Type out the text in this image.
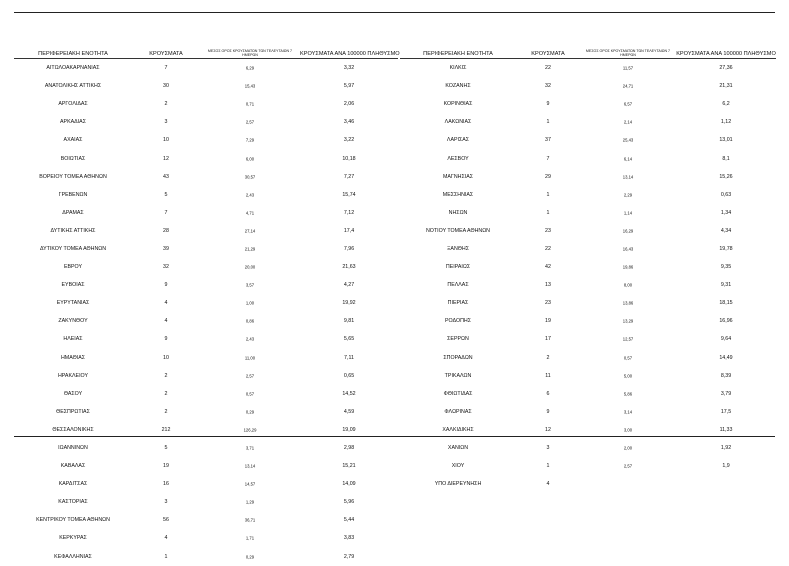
ΠΕΡΙΦΕΡΕΙΑΚΗ ΕΝΟΤΗΤΑ	ΚΡΟΥΣΜΑΤΑ	ΜΕΣΟΣ ΟΡΟΣ ΚΡΟΥΣΜΑΤΩΝ ΤΩΝ ΤΕΛΕΥΤΑΙΩΝ 7 ΗΜΕΡΩΝ	ΚΡΟΥΣΜΑΤΑ ΑΝΑ 100000 ΠΛΗΘΥΣΜΟ
ΑΙΤΩΛΟΑΚΑΡΝΑΝΙΑΣ	7	6,29	3,32
ΑΝΑΤΟΛΙΚΗΣ ΑΤΤΙΚΗΣ	30	15,43	5,97
ΑΡΓΟΛΙΔΑΣ	2	0,71	2,06
ΑΡΚΑΔΙΑΣ	3	2,57	3,46
ΑΧΑΙΑΣ	10	7,29	3,22
ΒΟΙΩΤΙΑΣ	12	6,00	10,18
ΒΟΡΕΙΟΥ ΤΟΜΕΑ ΑΘΗΝΩΝ	43	30,57	7,27
ΓΡΕΒΕΝΩΝ	5	2,43	15,74
ΔΡΑΜΑΣ	7	4,71	7,12
ΔΥΤΙΚΗΣ ΑΤΤΙΚΗΣ	28	27,14	17,4
ΔΥΤΙΚΟΥ ΤΟΜΕΑ ΑΘΗΝΩΝ	39	21,29	7,96
ΕΒΡΟΥ	32	20,00	21,63
ΕΥΒΟΙΑΣ	9	3,57	4,27
ΕΥΡΥΤΑΝΙΑΣ	4	1,00	19,92
ΖΑΚΥΝΘΟΥ	4	0,86	9,81
ΗΛΕΙΑΣ	9	2,43	5,65
ΗΜΑΘΙΑΣ	10	11,00	7,11
ΗΡΑΚΛΕΙΟΥ	2	2,57	0,65
ΘΑΣΟΥ	2	0,57	14,52
ΘΕΣΠΡΩΤΙΑΣ	2	0,29	4,59
ΘΕΣΣΑΛΟΝΙΚΗΣ	212	126,29	19,09
ΙΩΑΝΝΙΝΩΝ	5	3,71	2,98
ΚΑΒΑΛΑΣ	19	13,14	15,21
ΚΑΡΔΙΤΣΑΣ	16	14,57	14,09
ΚΑΣΤΟΡΙΑΣ	3	1,29	5,96
ΚΕΝΤΡΙΚΟΥ ΤΟΜΕΑ ΑΘΗΝΩΝ	56	36,71	5,44
ΚΕΡΚΥΡΑΣ	4	1,71	3,83
ΚΕΦΑΛΛΗΝΙΑΣ	1	0,29	2,79
ΠΕΡΙΦΕΡΕΙΑΚΗ ΕΝΟΤΗΤΑ	ΚΡΟΥΣΜΑΤΑ	ΜΕΣΟΣ ΟΡΟΣ ΚΡΟΥΣΜΑΤΩΝ ΤΩΝ ΤΕΛΕΥΤΑΙΩΝ 7 ΗΜΕΡΩΝ	ΚΡΟΥΣΜΑΤΑ ΑΝΑ 100000 ΠΛΗΘΥΣΜΟ
ΚΙΛΚΙΣ	22	11,57	27,36
ΚΟΖΑΝΗΣ	32	24,71	21,31
ΚΟΡΙΝΘΙΑΣ	9	6,57	6,2
ΛΑΚΩΝΙΑΣ	1	2,14	1,12
ΛΑΡΙΣΑΣ	37	25,43	13,01
ΛΕΣΒΟΥ	7	6,14	8,1
ΜΑΓΝΗΣΙΑΣ	29	13,14	15,26
ΜΕΣΣΗΝΙΑΣ	1	2,29	0,63
ΝΗΣΩΝ	1	1,14	1,34
ΝΟΤΙΟΥ ΤΟΜΕΑ ΑΘΗΝΩΝ	23	16,29	4,34
ΞΑΝΘΗΣ	22	16,43	19,78
ΠΕΙΡΑΙΩΣ	42	19,86	9,35
ΠΕΛΛΑΣ	13	8,00	9,31
ΠΙΕΡΙΑΣ	23	13,86	18,15
ΡΟΔΟΠΗΣ	19	13,29	16,96
ΣΕΡΡΩΝ	17	12,57	9,64
ΣΠΟΡΑΔΩΝ	2	0,57	14,49
ΤΡΙΚΑΛΩΝ	11	5,00	8,39
ΦΘΙΩΤΙΔΑΣ	6	5,86	3,79
ΦΛΩΡΙΝΑΣ	9	3,14	17,5
ΧΑΛΚΙΔΙΚΗΣ	12	3,00	11,33
ΧΑΝΙΩΝ	3	2,00	1,92
ΧΙΟΥ	1	2,57	1,9
ΥΠΟ ΔΙΕΡΕΥΝΗΣΗ	4
